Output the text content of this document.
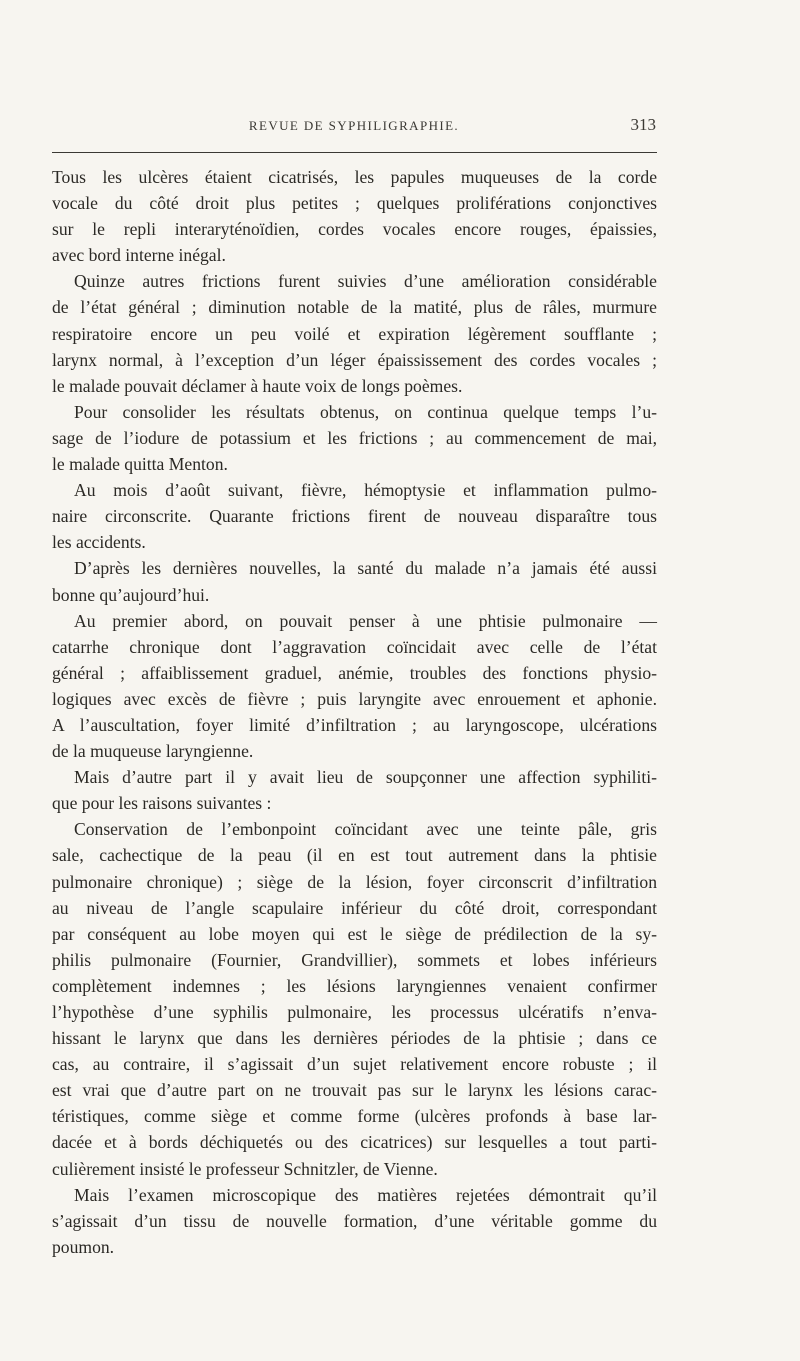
REVUE DE SYPHILIGRAPHIE.	313
Tous les ulcères étaient cicatrisés, les papules muqueuses de la corde
vocale du côté droit plus petites ; quelques proliférations conjonctives
sur le repli interaryténoïdien, cordes vocales encore rouges, épaissies,
avec bord interne inégal.
Quinze autres frictions furent suivies d’une amélioration considérable
de l’état général ; diminution notable de la matité, plus de râles, murmure
respiratoire encore un peu voilé et expiration légèrement soufflante ;
larynx normal, à l’exception d’un léger épaississement des cordes vocales ;
le malade pouvait déclamer à haute voix de longs poèmes.
Pour consolider les résultats obtenus, on continua quelque temps l’u-
sage de l’iodure de potassium et les frictions ; au commencement de mai,
le malade quitta Menton.
Au mois d’août suivant, fièvre, hémoptysie et inflammation pulmo-
naire circonscrite. Quarante frictions firent de nouveau disparaître tous
les accidents.
D’après les dernières nouvelles, la santé du malade n’a jamais été aussi
bonne qu’aujourd’hui.
Au premier abord, on pouvait penser à une phtisie pulmonaire —
catarrhe chronique dont l’aggravation coïncidait avec celle de l’état
général ; affaiblissement graduel, anémie, troubles des fonctions physio-
logiques avec excès de fièvre ; puis laryngite avec enrouement et aphonie.
A l’auscultation, foyer limité d’infiltration ; au laryngoscope, ulcérations
de la muqueuse laryngienne.
Mais d’autre part il y avait lieu de soupçonner une affection syphiliti-
que pour les raisons suivantes :
Conservation de l’embonpoint coïncidant avec une teinte pâle, gris
sale, cachectique de la peau (il en est tout autrement dans la phtisie
pulmonaire chronique) ; siège de la lésion, foyer circonscrit d’infiltration
au niveau de l’angle scapulaire inférieur du côté droit, correspondant
par conséquent au lobe moyen qui est le siège de prédilection de la sy-
philis pulmonaire (Fournier, Grandvillier), sommets et lobes inférieurs
complètement indemnes ; les lésions laryngiennes venaient confirmer
l’hypothèse d’une syphilis pulmonaire, les processus ulcératifs n’enva-
hissant le larynx que dans les dernières périodes de la phtisie ; dans ce
cas, au contraire, il s’agissait d’un sujet relativement encore robuste ; il
est vrai que d’autre part on ne trouvait pas sur le larynx les lésions carac-
téristiques, comme siège et comme forme (ulcères profonds à base lar-
dacée et à bords déchiquetés ou des cicatrices) sur lesquelles a tout parti-
culièrement insisté le professeur Schnitzler, de Vienne.
Mais l’examen microscopique des matières rejetées démontrait qu’il
s’agissait d’un tissu de nouvelle formation, d’une véritable gomme du
poumon.
